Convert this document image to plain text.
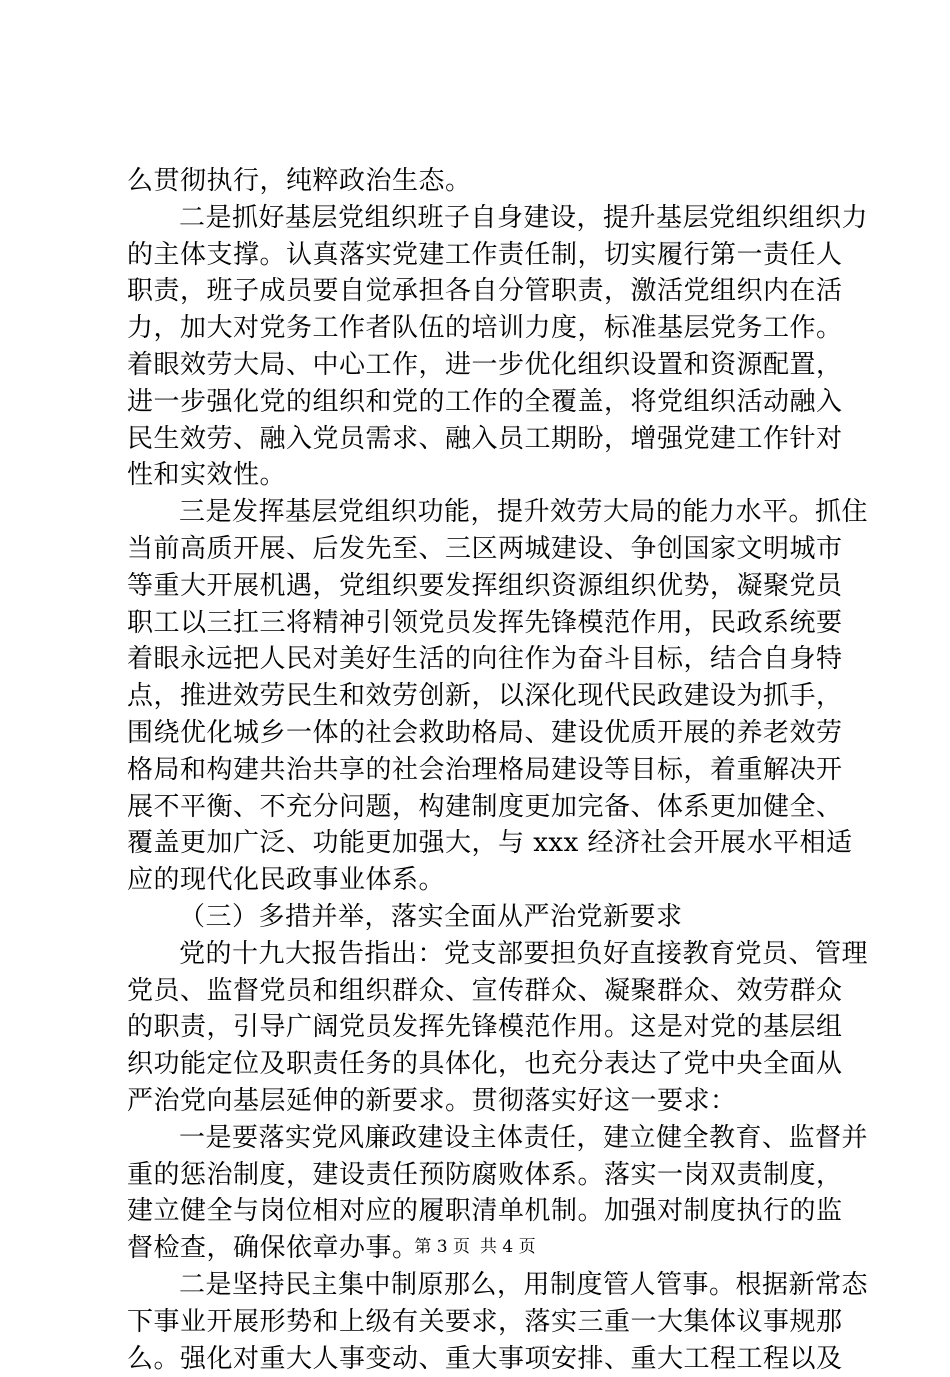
么贯彻执行，纯粹政治生态。
二是抓好基层党组织班子自身建设，提升基层党组织组织力
的主体支撑。认真落实党建工作责任制，切实履行第一责任人
职责，班子成员要自觉承担各自分管职责，激活党组织内在活
力，加大对党务工作者队伍的培训力度，标准基层党务工作。
着眼效劳大局、中心工作，进一步优化组织设置和资源配置，
进一步强化党的组织和党的工作的全覆盖，将党组织活动融入
民生效劳、融入党员需求、融入员工期盼，增强党建工作针对
性和实效性。
三是发挥基层党组织功能，提升效劳大局的能力水平。抓住
当前高质开展、后发先至、三区两城建设、争创国家文明城市
等重大开展机遇，党组织要发挥组织资源组织优势，凝聚党员
职工以三扛三将精神引领党员发挥先锋模范作用，民政系统要
着眼永远把人民对美好生活的向往作为奋斗目标，结合自身特
点，推进效劳民生和效劳创新，以深化现代民政建设为抓手，
围绕优化城乡一体的社会救助格局、建设优质开展的养老效劳
格局和构建共治共享的社会治理格局建设等目标，着重解决开
展不平衡、不充分问题，构建制度更加完备、体系更加健全、
覆盖更加广泛、功能更加强大，与 xxx 经济社会开展水平相适
应的现代化民政事业体系。
（三）多措并举，落实全面从严治党新要求
党的十九大报告指出：党支部要担负好直接教育党员、管理
党员、监督党员和组织群众、宣传群众、凝聚群众、效劳群众
的职责，引导广阔党员发挥先锋模范作用。这是对党的基层组
织功能定位及职责任务的具体化，也充分表达了党中央全面从
严治党向基层延伸的新要求。贯彻落实好这一要求：
一是要落实党风廉政建设主体责任，建立健全教育、监督并
重的惩治制度，建设责任预防腐败体系。落实一岗双责制度，
建立健全与岗位相对应的履职清单机制。加强对制度执行的监
督检查，确保依章办事。
二是坚持民主集中制原那么，用制度管人管事。根据新常态
下事业开展形势和上级有关要求，落实三重一大集体议事规那
么。强化对重大人事变动、重大事项安排、重大工程工程以及
第 3 页 共 4 页
